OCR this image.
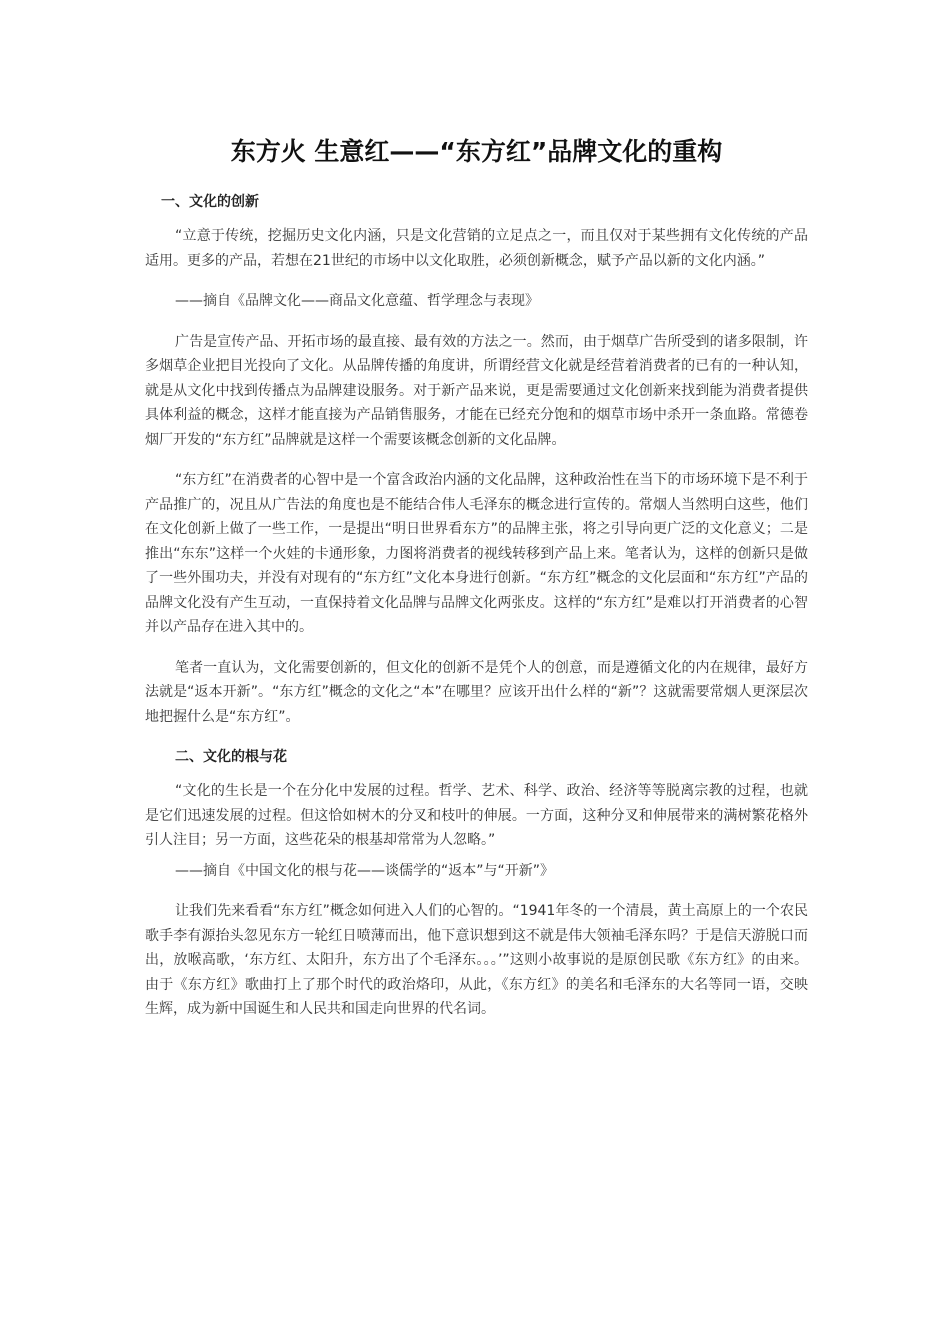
东方火 生意红——“东方红”品牌文化的重构

一、文化的创新

“立意于传统，挖掘历史文化内涵，只是文化营销的立足点之一，而且仅对于某些拥有文化传统的产品适用。更多的产品，若想在21世纪的市场中以文化取胜，必须创新概念，赋予产品以新的文化内涵。”

——摘自《品牌文化——商品文化意蕴、哲学理念与表现》

广告是宣传产品、开拓市场的最直接、最有效的方法之一。然而，由于烟草广告所受到的诸多限制，许多烟草企业把目光投向了文化。从品牌传播的角度讲，所谓经营文化就是经营着消费者的已有的一种认知，就是从文化中找到传播点为品牌建设服务。对于新产品来说，更是需要通过文化创新来找到能为消费者提供具体利益的概念，这样才能直接为产品销售服务，才能在已经充分饱和的烟草市场中杀开一条血路。常德卷烟厂开发的“东方红”品牌就是这样一个需要该概念创新的文化品牌。

“东方红”在消费者的心智中是一个富含政治内涵的文化品牌，这种政治性在当下的市场环境下是不利于产品推广的，况且从广告法的角度也是不能结合伟人毛泽东的概念进行宣传的。常烟人当然明白这些，他们在文化创新上做了一些工作，一是提出“明日世界看东方”的品牌主张，将之引导向更广泛的文化意义；二是推出“东东”这样一个火娃的卡通形象，力图将消费者的视线转移到产品上来。笔者认为，这样的创新只是做了一些外围功夫，并没有对现有的“东方红”文化本身进行创新。“东方红”概念的文化层面和“东方红”产品的品牌文化没有产生互动，一直保持着文化品牌与品牌文化两张皮。这样的“东方红”是难以打开消费者的心智并以产品存在进入其中的。

笔者一直认为，文化需要创新的，但文化的创新不是凭个人的创意，而是遵循文化的内在规律，最好方法就是“返本开新”。“东方红”概念的文化之“本”在哪里？应该开出什么样的“新”？这就需要常烟人更深层次地把握什么是“东方红”。

二、文化的根与花

“文化的生长是一个在分化中发展的过程。哲学、艺术、科学、政治、经济等等脱离宗教的过程，也就是它们迅速发展的过程。但这恰如树木的分叉和枝叶的伸展。一方面，这种分叉和伸展带来的满树繁花格外引人注目；另一方面，这些花朵的根基却常常为人忽略。”

——摘自《中国文化的根与花——谈儒学的“返本”与“开新”》

让我们先来看看“东方红”概念如何进入人们的心智的。“1941年冬的一个清晨，黄土高原上的一个农民歌手李有源抬头忽见东方一轮红日喷薄而出，他下意识想到这不就是伟大领袖毛泽东吗？于是信天游脱口而出，放喉高歌，‘东方红、太阳升，东方出了个毛泽东。。。’”这则小故事说的是原创民歌《东方红》的由来。由于《东方红》歌曲打上了那个时代的政治烙印，从此，《东方红》的美名和毛泽东的大名等同一语，交映生辉，成为新中国诞生和人民共和国走向世界的代名词。
